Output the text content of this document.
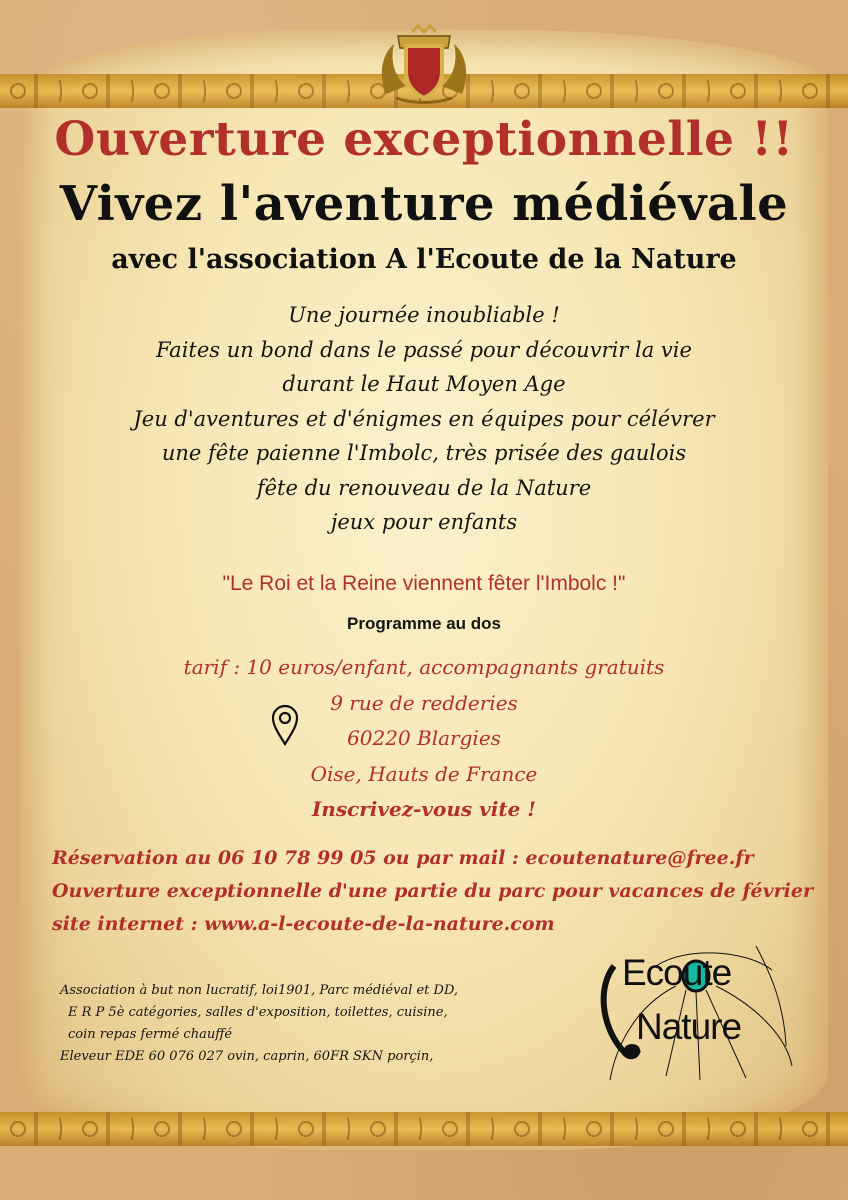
Ouverture exceptionnelle !!
Vivez l'aventure médiévale
avec l'association A l'Ecoute de la Nature
Une journée inoubliable !
Faites un bond dans le passé pour découvrir la vie
durant le Haut Moyen Age
Jeu d'aventures et d'énigmes en équipes pour célévrer
une fête paienne l'Imbolc, très prisée des gaulois
fête du renouveau de la Nature
jeux pour enfants

"Le Roi et la Reine viennent fêter l'Imbolc !"

Programme au dos

tarif : 10 euros/enfant, accompagnants gratuits
9 rue de redderies
60220 Blargies
Oise, Hauts de France
Inscrivez-vous vite !
Réservation au 06 10 78 99 05 ou par mail : ecoutenature@free.fr
Ouverture exceptionnelle d'une partie du parc pour vacances de février
site internet : www.a-l-ecoute-de-la-nature.com
Association à but non lucratif, loi1901, Parc médiéval et DD,
E R P 5è catégories, salles d'exposition, toilettes, cuisine,
coin repas fermé chauffé
Eleveur EDE 60 076 027 ovin, caprin, 60FR SKN porçin,
Ecoute
Nature
